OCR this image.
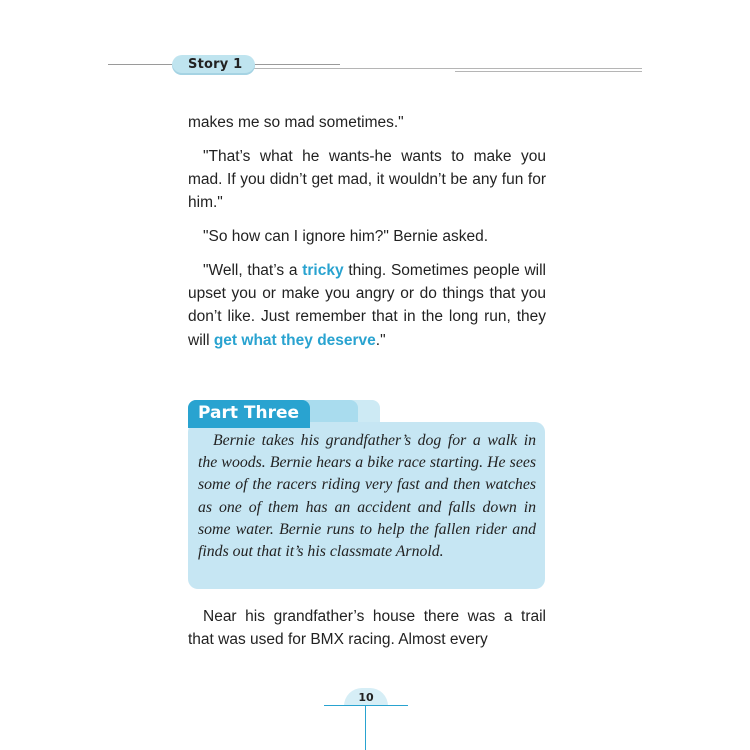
Story 1

makes me so mad sometimes."

"That’s what he wants-he wants to make you mad. If you didn’t get mad, it wouldn’t be any fun for him."

"So how can I ignore him?" Bernie asked.

"Well, that’s a tricky thing. Sometimes people will upset you or make you angry or do things that you don’t like. Just remember that in the long run, they will get what they deserve."

Part Three

Bernie takes his grandfather’s dog for a walk in the woods. Bernie hears a bike race starting. He sees some of the racers riding very fast and then watches as one of them has an accident and falls down in some water. Bernie runs to help the fallen rider and finds out that it’s his classmate Arnold.

Near his grandfather’s house there was a trail that was used for BMX racing. Almost every

10
